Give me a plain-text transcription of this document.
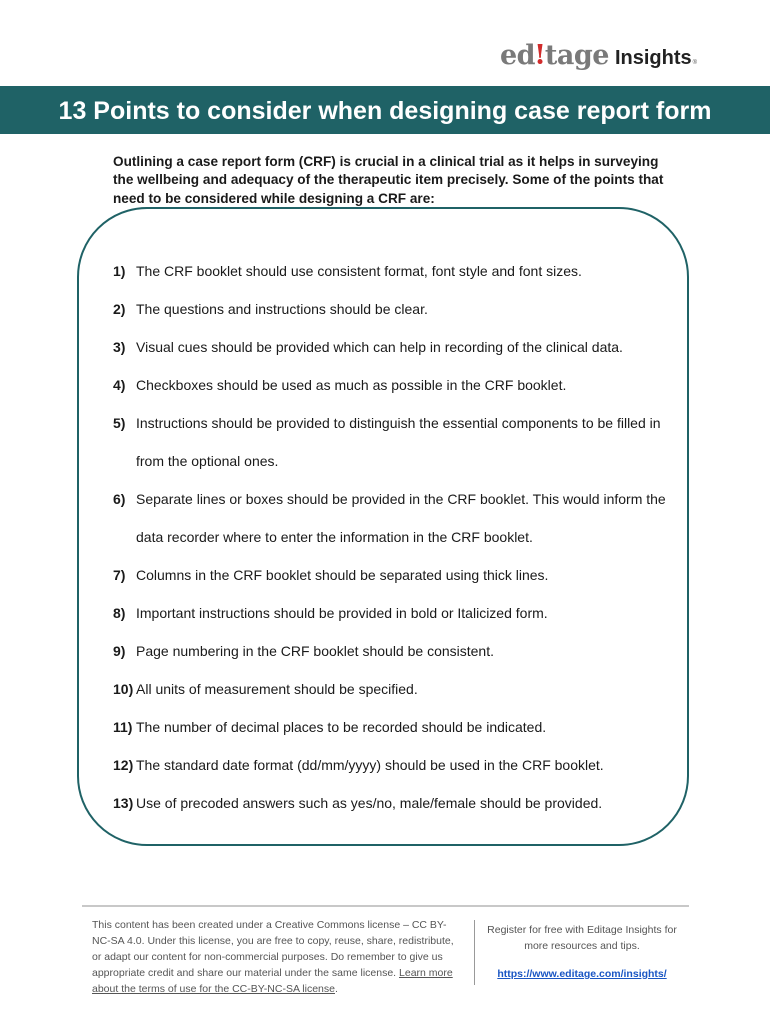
ed ! tage Insights ®
13 Points to consider when designing case report form

Outlining a case report form (CRF) is crucial in a clinical trial as it helps in surveying the wellbeing and adequacy of the therapeutic item precisely. Some of the points that need to be considered while designing a CRF are:

1) The CRF booklet should use consistent format, font style and font sizes.
2) The questions and instructions should be clear.
3) Visual cues should be provided which can help in recording of the clinical data.
4) Checkboxes should be used as much as possible in the CRF booklet.
5) Instructions should be provided to distinguish the essential components to be filled in from the optional ones.
6) Separate lines or boxes should be provided in the CRF booklet. This would inform the data recorder where to enter the information in the CRF booklet.
7) Columns in the CRF booklet should be separated using thick lines.
8) Important instructions should be provided in bold or Italicized form.
9) Page numbering in the CRF booklet should be consistent.
10) All units of measurement should be specified.
11) The number of decimal places to be recorded should be indicated.
12) The standard date format (dd/mm/yyyy) should be used in the CRF booklet.
13) Use of precoded answers such as yes/no, male/female should be provided.
This content has been created under a Creative Commons license – CC BY-NC-SA 4.0. Under this license, you are free to copy, reuse, share, redistribute, or adapt our content for non-commercial purposes. Do remember to give us appropriate credit and share our material under the same license. Learn more about the terms of use for the CC-BY-NC-SA license.
Register for free with Editage Insights for more resources and tips.
https://www.editage.com/insights/
